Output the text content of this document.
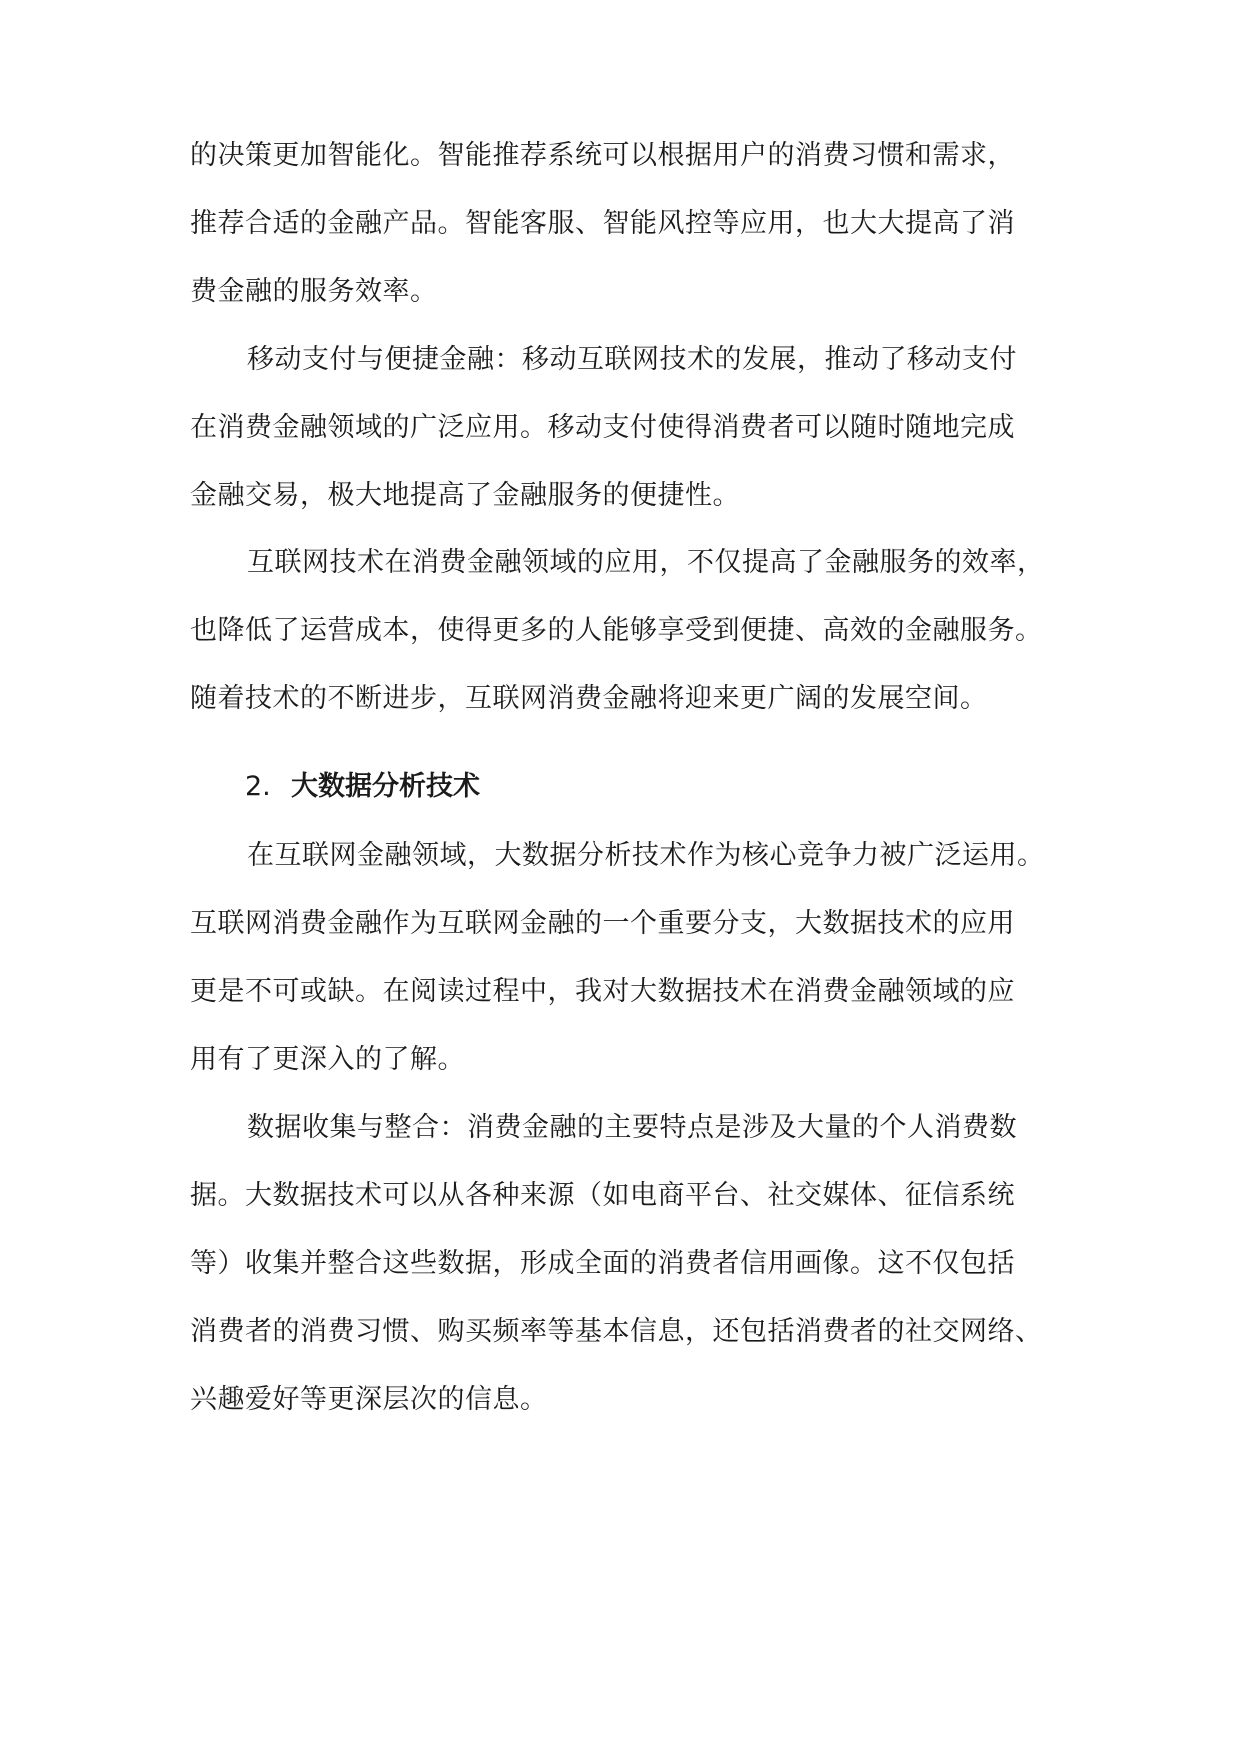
的决策更加智能化。智能推荐系统可以根据用户的消费习惯和需求，
推荐合适的金融产品。智能客服、智能风控等应用，也大大提高了消
费金融的服务效率。
移动支付与便捷金融：移动互联网技术的发展，推动了移动支付
在消费金融领域的广泛应用。移动支付使得消费者可以随时随地完成
金融交易，极大地提高了金融服务的便捷性。
互联网技术在消费金融领域的应用，不仅提高了金融服务的效率，
也降低了运营成本，使得更多的人能够享受到便捷、高效的金融服务。
随着技术的不断进步，互联网消费金融将迎来更广阔的发展空间。
2. 大数据分析技术
在互联网金融领域，大数据分析技术作为核心竞争力被广泛运用。
互联网消费金融作为互联网金融的一个重要分支，大数据技术的应用
更是不可或缺。在阅读过程中，我对大数据技术在消费金融领域的应
用有了更深入的了解。
数据收集与整合：消费金融的主要特点是涉及大量的个人消费数
据。大数据技术可以从各种来源（如电商平台、社交媒体、征信系统
等）收集并整合这些数据，形成全面的消费者信用画像。这不仅包括
消费者的消费习惯、购买频率等基本信息，还包括消费者的社交网络、
兴趣爱好等更深层次的信息。
